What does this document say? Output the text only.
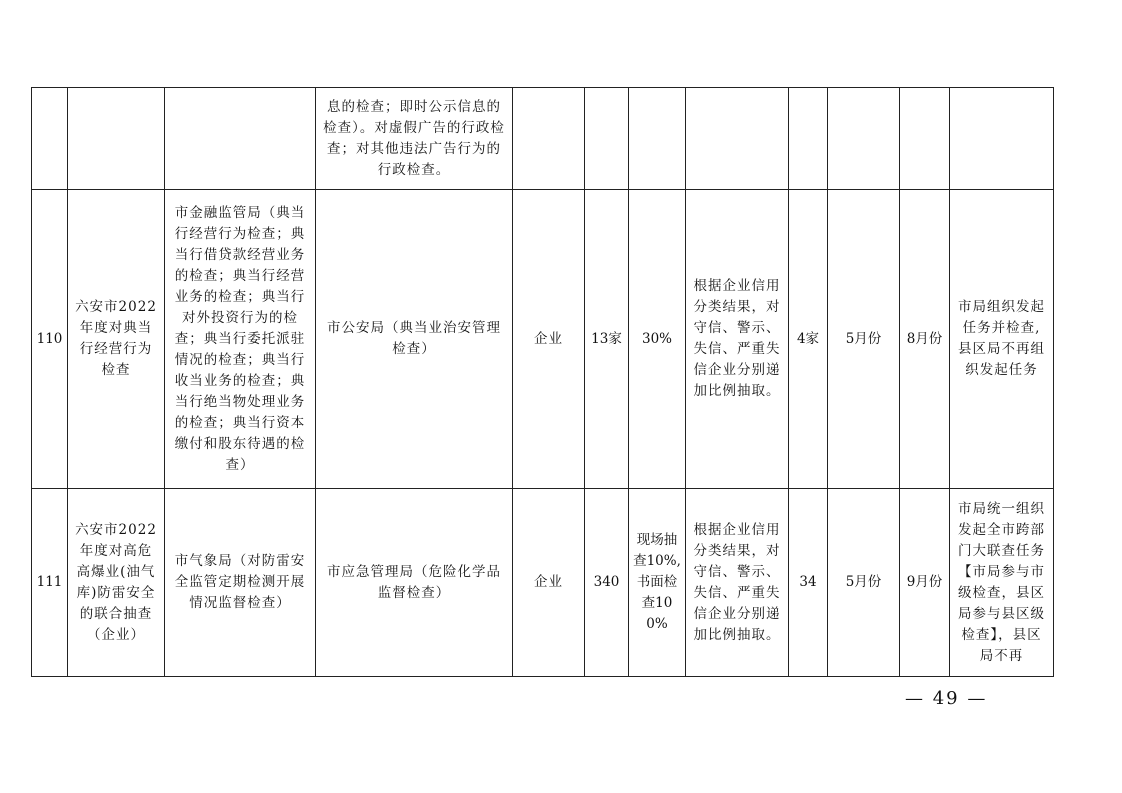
			息的检查；即时公示信息的检查）。对虚假广告的行政检查；对其他违法广告行为的行政检查。								
110	六安市2022年度对典当行经营行为检查	市金融监管局（典当行经营行为检查；典当行借贷款经营业务的检查；典当行经营业务的检查；典当行对外投资行为的检查；典当行委托派驻情况的检查；典当行收当业务的检查；典当行绝当物处理业务的检查；典当行资本缴付和股东待遇的检查）	市公安局（典当业治安管理检查）	企业	13家	30%	根据企业信用分类结果，对守信、警示、失信、严重失信企业分别递加比例抽取。	4家	5月份	8月份	市局组织发起任务并检查,县区局不再组织发起任务
111	六安市2022年度对高危高爆业(油气库)防雷安全的联合抽查（企业）	市气象局（对防雷安全监管定期检测开展情况监督检查）	市应急管理局（危险化学品监督检查）	企业	340	现场抽查10%,书面检查100%	根据企业信用分类结果，对守信、警示、失信、严重失信企业分别递加比例抽取。	34	5月份	9月份	市局统一组织发起全市跨部门大联查任务【市局参与市级检查，县区局参与县区级检查】，县区局不再
— 49 —
